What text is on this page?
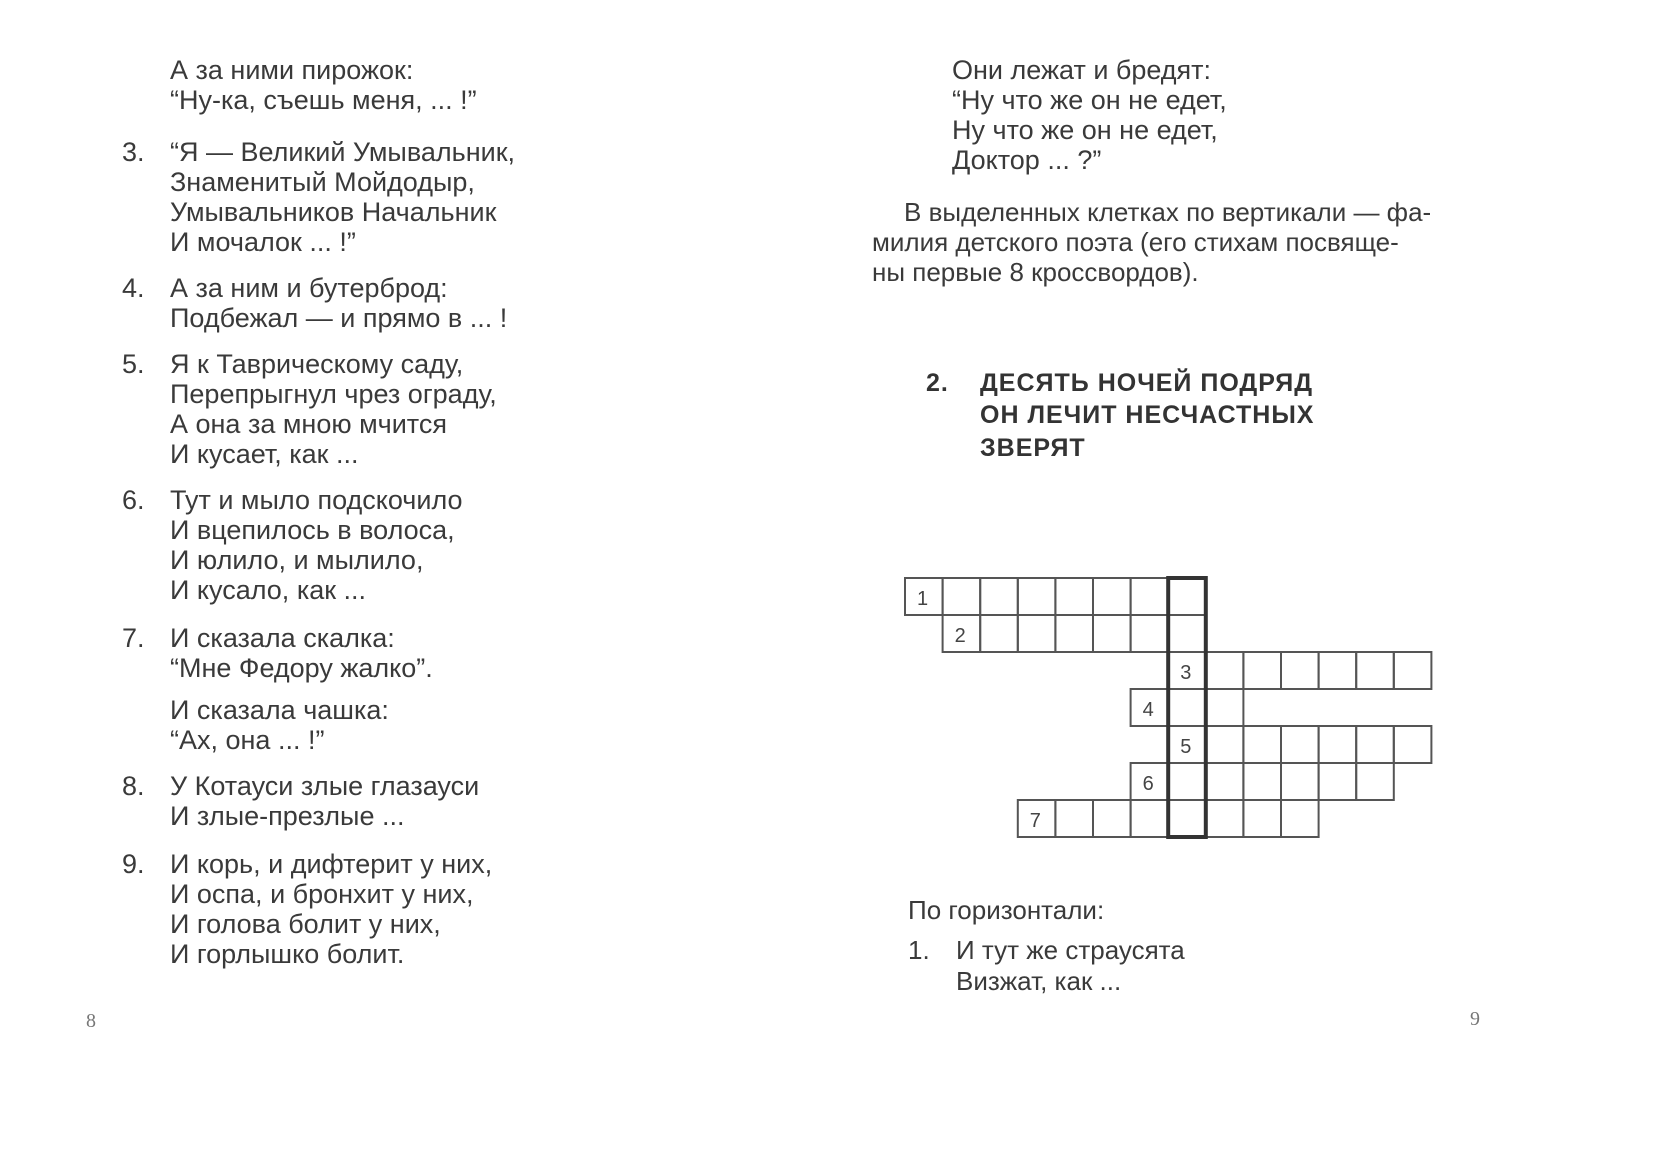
А за ними пирожок:
“Ну-ка, съешь меня, ... !”
3. “Я — Великий Умывальник,
Знаменитый Мойдодыр,
Умывальников Начальник
И мочалок ... !”
4. А за ним и бутерброд:
Подбежал — и прямо в ... !
5. Я к Таврическому саду,
Перепрыгнул чрез ограду,
А она за мною мчится
И кусает, как ...
6. Тут и мыло подскочило
И вцепилось в волоса,
И юлило, и мылило,
И кусало, как ...
7. И сказала скалка:
“Мне Федору жалко”.
И сказала чашка:
“Ах, она ... !”
8. У Котауси злые глазауси
И злые-презлые ...
9. И корь, и дифтерит у них,
И оспа, и бронхит у них,
И голова болит у них,
И горлышко болит.
8
Они лежат и бредят:
“Ну что же он не едет,
Ну что же он не едет,
Доктор ... ?”
В выделенных клетках по вертикали — фа-
милия детского поэта (его стихам посвяще-
ны первые 8 кроссвордов).
2. ДЕСЯТЬ НОЧЕЙ ПОДРЯД
ОН ЛЕЧИТ НЕСЧАСТНЫХ
ЗВЕРЯТ
1
2
3
4
5
6
7
По горизонтали:
1. И тут же страусята
Визжат, как ...
9
